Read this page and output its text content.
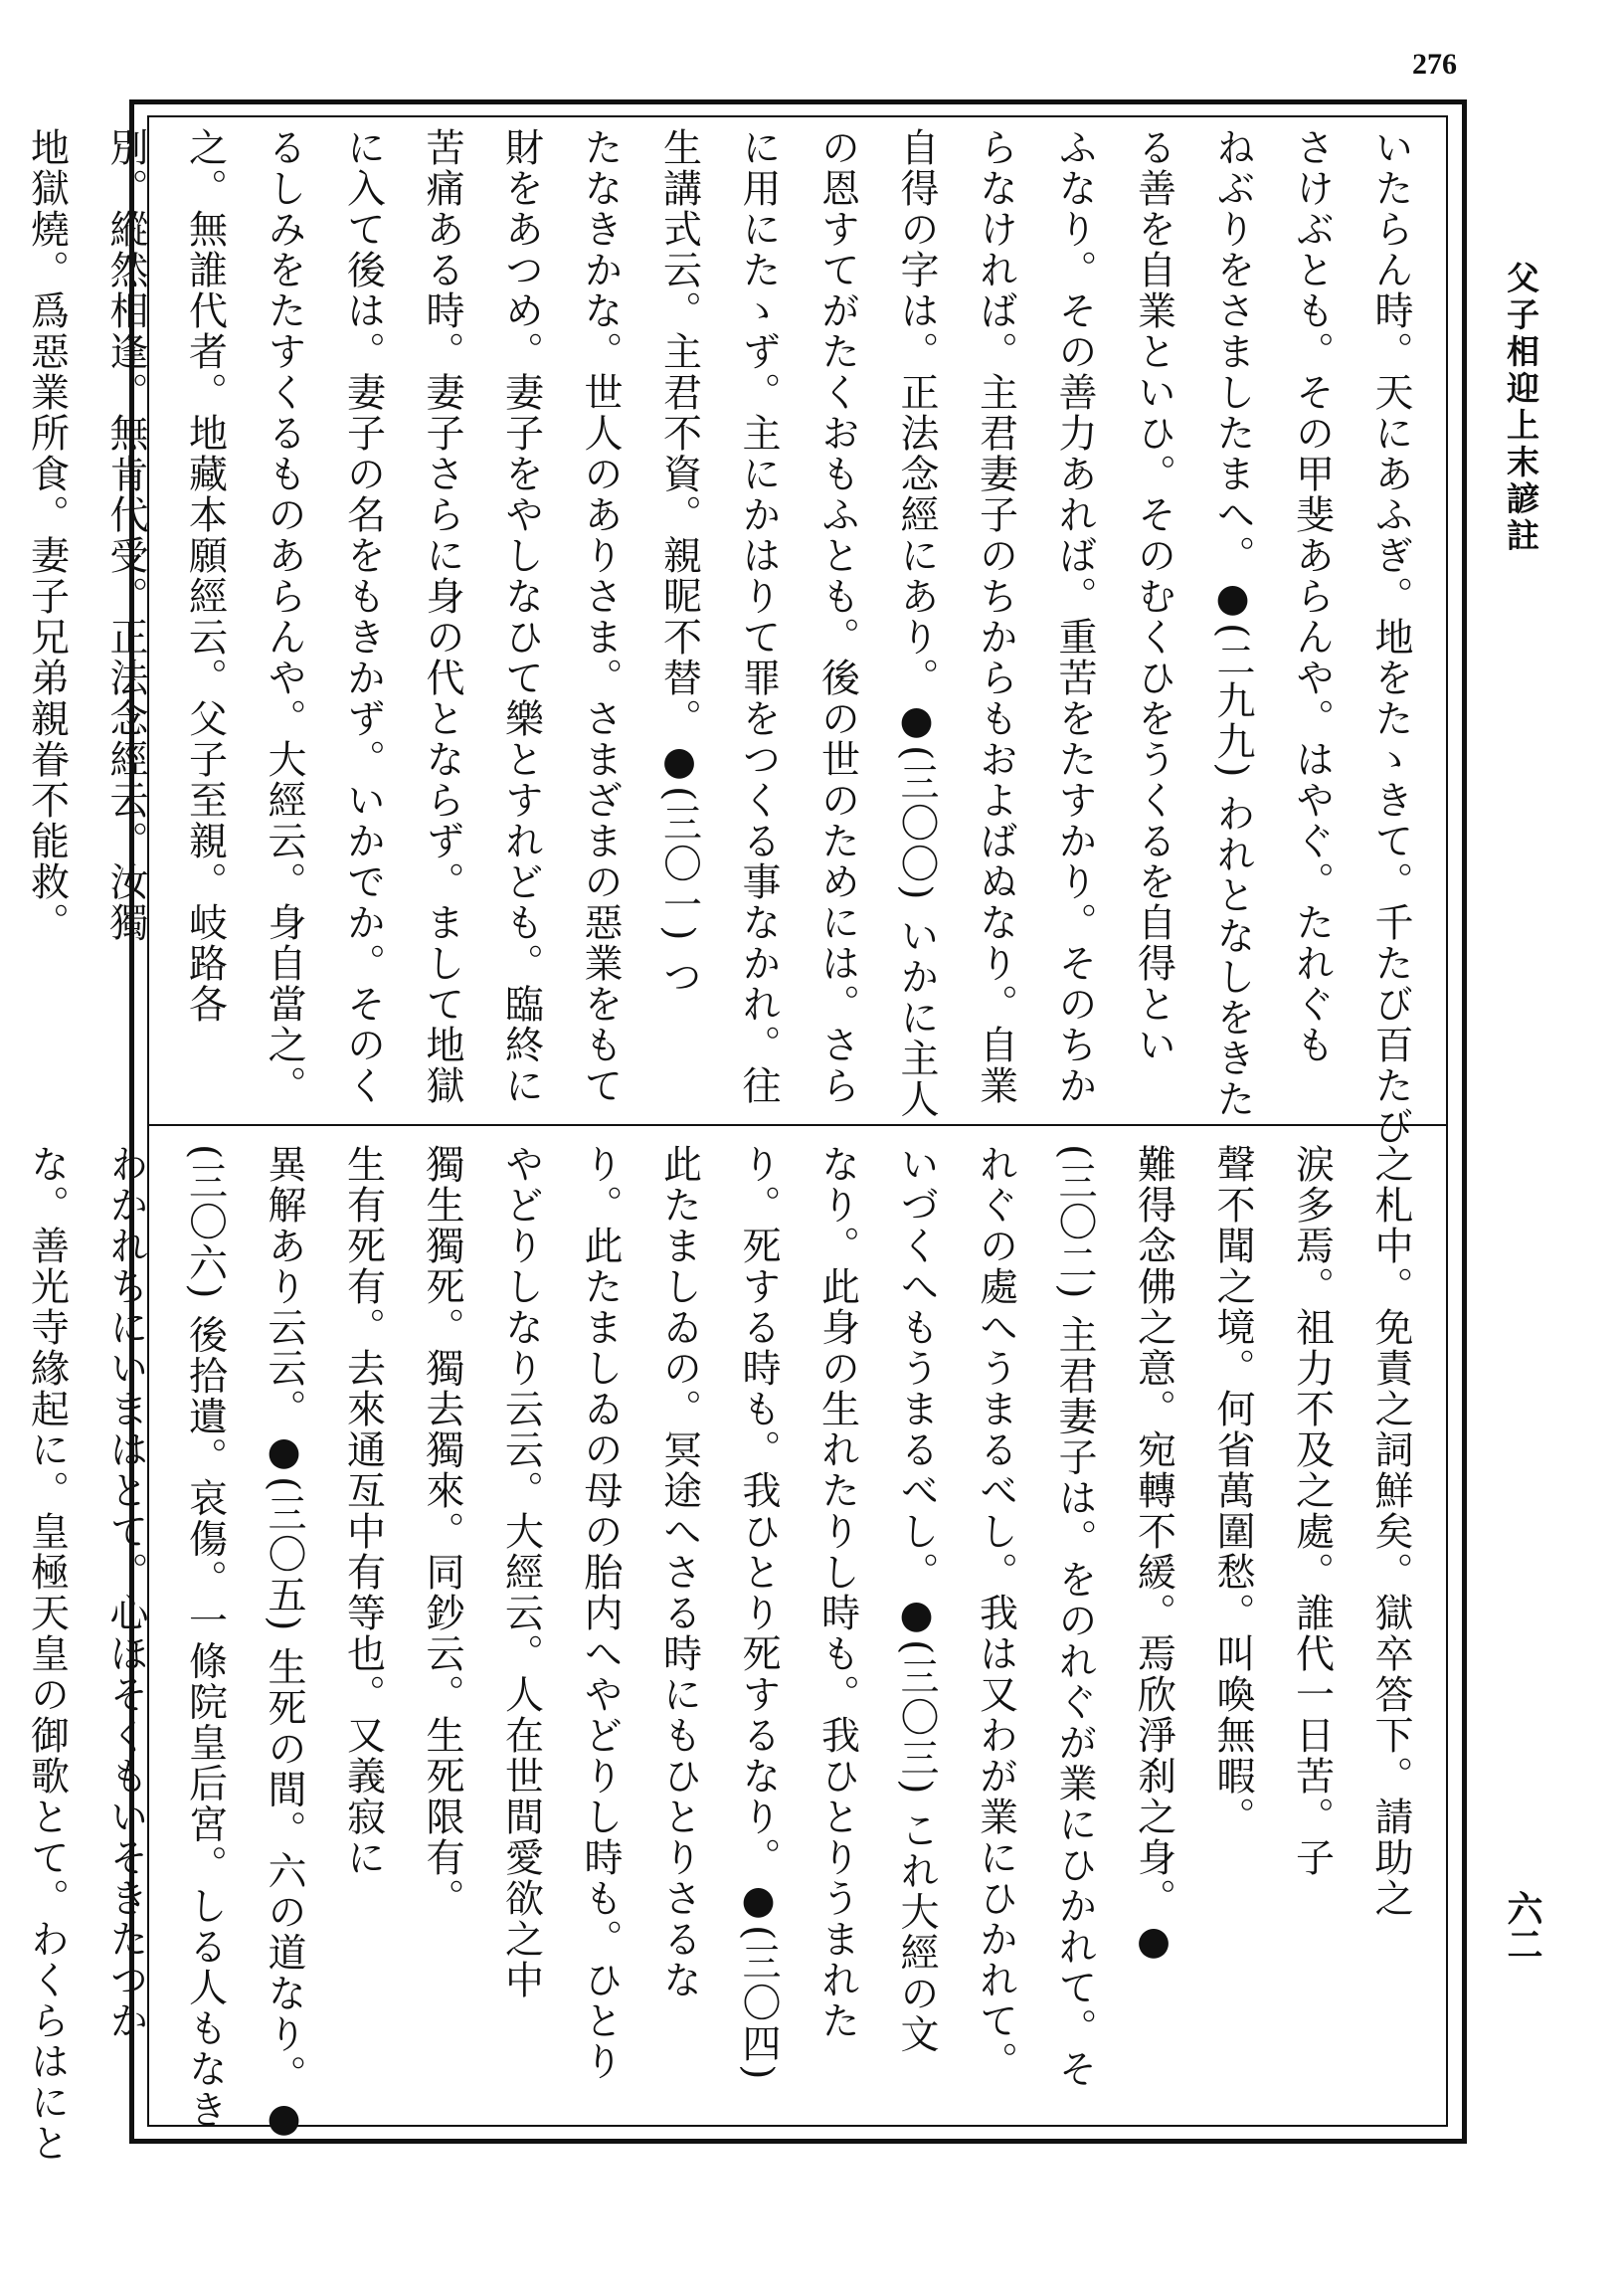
276
父子相迎上末諺註
六二
いたらん時。天にあふぎ。地をたゝきて。千たび百たび
さけぶとも。その甲斐あらんや。はやぐ。たれぐも
ねぶりをさましたまへ。●(二九九) われとなしをきた
る善を自業といひ。そのむくひをうくるを自得とい
ふなり。その善力あれば。重苦をたすかり。そのちか
らなければ。主君妻子のちからもおよばぬなり。自業
自得の字は。正法念經にあり。●(三〇〇) いかに主人
の恩すてがたくおもふとも。後の世のためには。さら
に用にたゝず。主にかはりて罪をつくる事なかれ。往
生講式云。主君不資。親昵不替。●(三〇一) つ
たなきかな。世人のありさま。さまざまの惡業をもて
財をあつめ。妻子をやしなひて樂とすれども。臨終に
苦痛ある時。妻子さらに身の代とならず。まして地獄
に入て後は。妻子の名をもきかず。いかでか。そのく
るしみをたすくるものあらんや。大經云。身自當之。
之。無誰代者。地藏本願經云。父子至親。岐路各
別。縱然相逢。無肯代受。正法念經云。汝獨
地獄燒。爲惡業所食。妻子兄弟親眷不能救。
之札中。免責之詞鮮矣。獄卒答下。請助之
涙多焉。祖力不及之處。誰代一日苦。子
聲不聞之境。何省萬圍愁。叫喚無暇。
難得念佛之意。宛轉不緩。焉欣淨刹之身。●
(三〇二) 主君妻子は。をのれぐが業にひかれて。そ
れぐの處へうまるべし。我は又わが業にひかれて。
いづくへもうまるべし。●(三〇三) これ大經の文
なり。此身の生れたりし時も。我ひとりうまれた
り。死する時も。我ひとり死するなり。●(三〇四)
此たましゐの。冥途へさる時にもひとりさるな
り。此たましゐの母の胎内へやどりし時も。ひとり
やどりしなり云云。大經云。人在世間愛欲之中
獨生獨死。獨去獨來。同鈔云。生死限有。
生有死有。去來通亙中有等也。又義寂に
異解あり云云。●(三〇五) 生死の間。六の道なり。●
(三〇六) 後拾遺。哀傷。一條院皇后宮。しる人もなき
わかれちにいまはとて。心ほそくもいそきたつか
な。善光寺緣起に。皇極天皇の御歌とて。わくらはにと
